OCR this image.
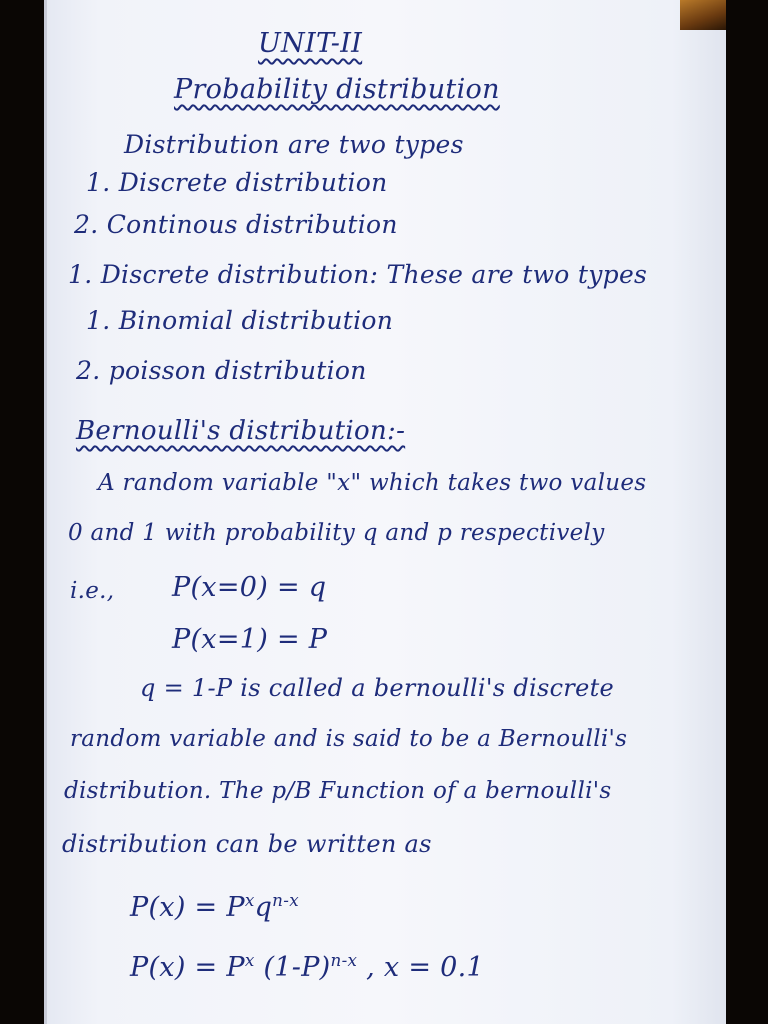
UNIT-II
Probability distribution
Distribution are two types
1. Discrete distribution
2. Continous distribution
1. Discrete distribution: These are two types
1. Binomial distribution
2. poisson distribution
Bernoulli's distribution:-
A random variable "x" which takes two values
0 and 1 with probability q and p respectively
i.e., P(x=0) = q
P(x=1) = P
q = 1-P is called a bernoulli's discrete
random variable and is said to be a Bernoulli's
distribution. The p/B Function of a bernoulli's
distribution can be written as
$P(x) = P^xq^{n-x}$
$P(x) = P^x$ $(1-P)^{n-x}$ , x = 0.1
